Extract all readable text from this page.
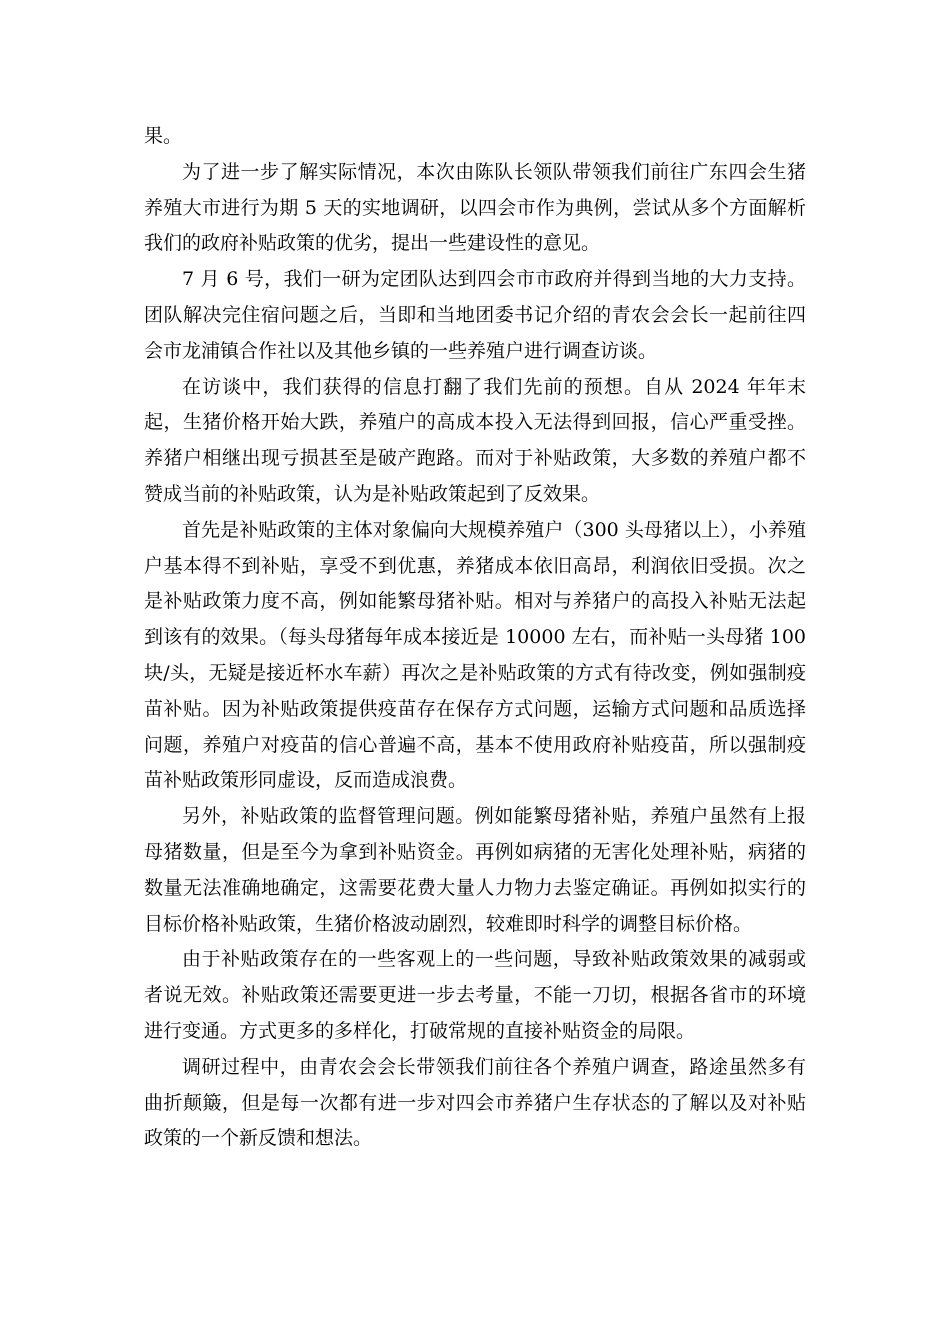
果。

为了进一步了解实际情况，本次由陈队长领队带领我们前往广东四会生猪养殖大市进行为期 5 天的实地调研，以四会市作为典例，尝试从多个方面解析我们的政府补贴政策的优劣，提出一些建设性的意见。

7 月 6 号，我们一研为定团队达到四会市市政府并得到当地的大力支持。团队解决完住宿问题之后，当即和当地团委书记介绍的青农会会长一起前往四会市龙浦镇合作社以及其他乡镇的一些养殖户进行调查访谈。

在访谈中，我们获得的信息打翻了我们先前的预想。自从 2024 年年末起，生猪价格开始大跌，养殖户的高成本投入无法得到回报，信心严重受挫。养猪户相继出现亏损甚至是破产跑路。而对于补贴政策，大多数的养殖户都不赞成当前的补贴政策，认为是补贴政策起到了反效果。

首先是补贴政策的主体对象偏向大规模养殖户（300 头母猪以上），小养殖户基本得不到补贴，享受不到优惠，养猪成本依旧高昂，利润依旧受损。次之是补贴政策力度不高，例如能繁母猪补贴。相对与养猪户的高投入补贴无法起到该有的效果。（每头母猪每年成本接近是 10000 左右，而补贴一头母猪 100 块/头，无疑是接近杯水车薪）再次之是补贴政策的方式有待改变，例如强制疫苗补贴。因为补贴政策提供疫苗存在保存方式问题，运输方式问题和品质选择问题，养殖户对疫苗的信心普遍不高，基本不使用政府补贴疫苗，所以强制疫苗补贴政策形同虚设，反而造成浪费。

另外，补贴政策的监督管理问题。例如能繁母猪补贴，养殖户虽然有上报母猪数量，但是至今为拿到补贴资金。再例如病猪的无害化处理补贴，病猪的数量无法准确地确定，这需要花费大量人力物力去鉴定确证。再例如拟实行的目标价格补贴政策，生猪价格波动剧烈，较难即时科学的调整目标价格。

由于补贴政策存在的一些客观上的一些问题，导致补贴政策效果的减弱或者说无效。补贴政策还需要更进一步去考量，不能一刀切，根据各省市的环境进行变通。方式更多的多样化，打破常规的直接补贴资金的局限。

调研过程中，由青农会会长带领我们前往各个养殖户调查，路途虽然多有曲折颠簸，但是每一次都有进一步对四会市养猪户生存状态的了解以及对补贴政策的一个新反馈和想法。
